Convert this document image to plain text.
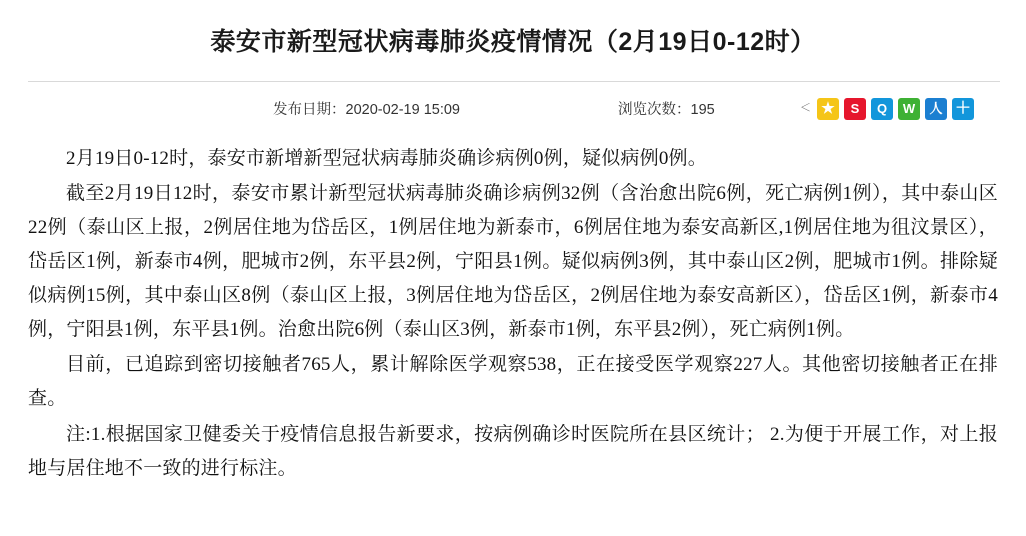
泰安市新型冠状病毒肺炎疫情情况（2月19日0-12时）
发布日期：2020-02-19 15:09	浏览次数：195	＜ ★	S	Q	W	人 ＋

2月19日0-12时，泰安市新增新型冠状病毒肺炎确诊病例0例，疑似病例0例。

截至2月19日12时，泰安市累计新型冠状病毒肺炎确诊病例32例（含治愈出院6例，死亡病例1例），其中泰山区22例（泰山区上报，2例居住地为岱岳区，1例居住地为新泰市，6例居住地为泰安高新区,1例居住地为徂汶景区），岱岳区1例，新泰市4例，肥城市2例，东平县2例，宁阳县1例。疑似病例3例，其中泰山区2例，肥城市1例。排除疑似病例15例，其中泰山区8例（泰山区上报，3例居住地为岱岳区，2例居住地为泰安高新区），岱岳区1例，新泰市4例，宁阳县1例，东平县1例。治愈出院6例（泰山区3例，新泰市1例，东平县2例），死亡病例1例。

目前，已追踪到密切接触者765人，累计解除医学观察538，正在接受医学观察227人。其他密切接触者正在排查。

注:1.根据国家卫健委关于疫情信息报告新要求，按病例确诊时医院所在县区统计； 2.为便于开展工作，对上报地与居住地不一致的进行标注。
